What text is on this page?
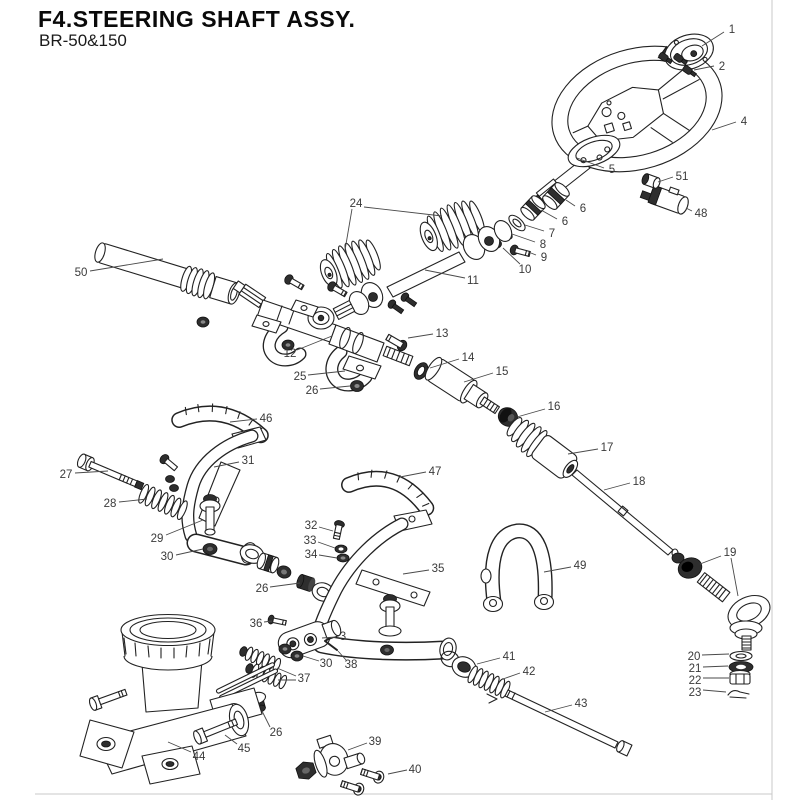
F4.STEERING SHAFT ASSY.
BR-50&150
1
2
4
5
51
6
6
7
8
9
10
48
24
50
11
13
12	14
25	15
26
16
17
18
19
46
31
27	47
28
29
32
33
34
30
35	49
26
36
3
30 38
37
20
21
22
23
41
42
43
26
45
44
39
40
